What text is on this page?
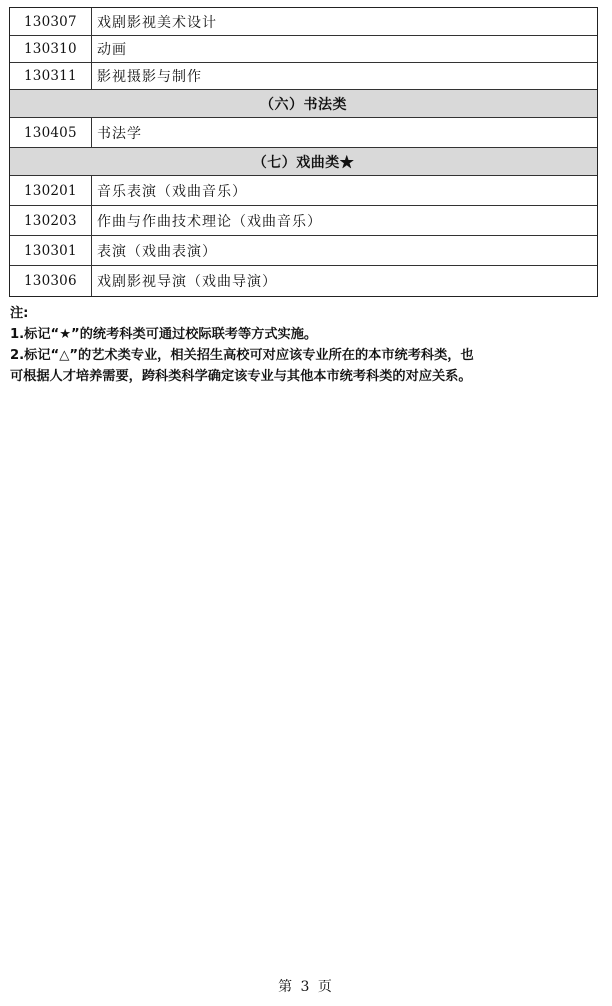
130307	戏剧影视美术设计
130310	动画
130311	影视摄影与制作
（六）书法类
130405	书法学
（七）戏曲类★
130201	音乐表演（戏曲音乐）
130203	作曲与作曲技术理论（戏曲音乐）
130301	表演（戏曲表演）
130306	戏剧影视导演（戏曲导演）

注:

1.标记“★”的统考科类可通过校际联考等方式实施。

2.标记“△”的艺术类专业，相关招生高校可对应该专业所在的本市统考科类，也

可根据人才培养需要，跨科类科学确定该专业与其他本市统考科类的对应关系。

第 3 页
